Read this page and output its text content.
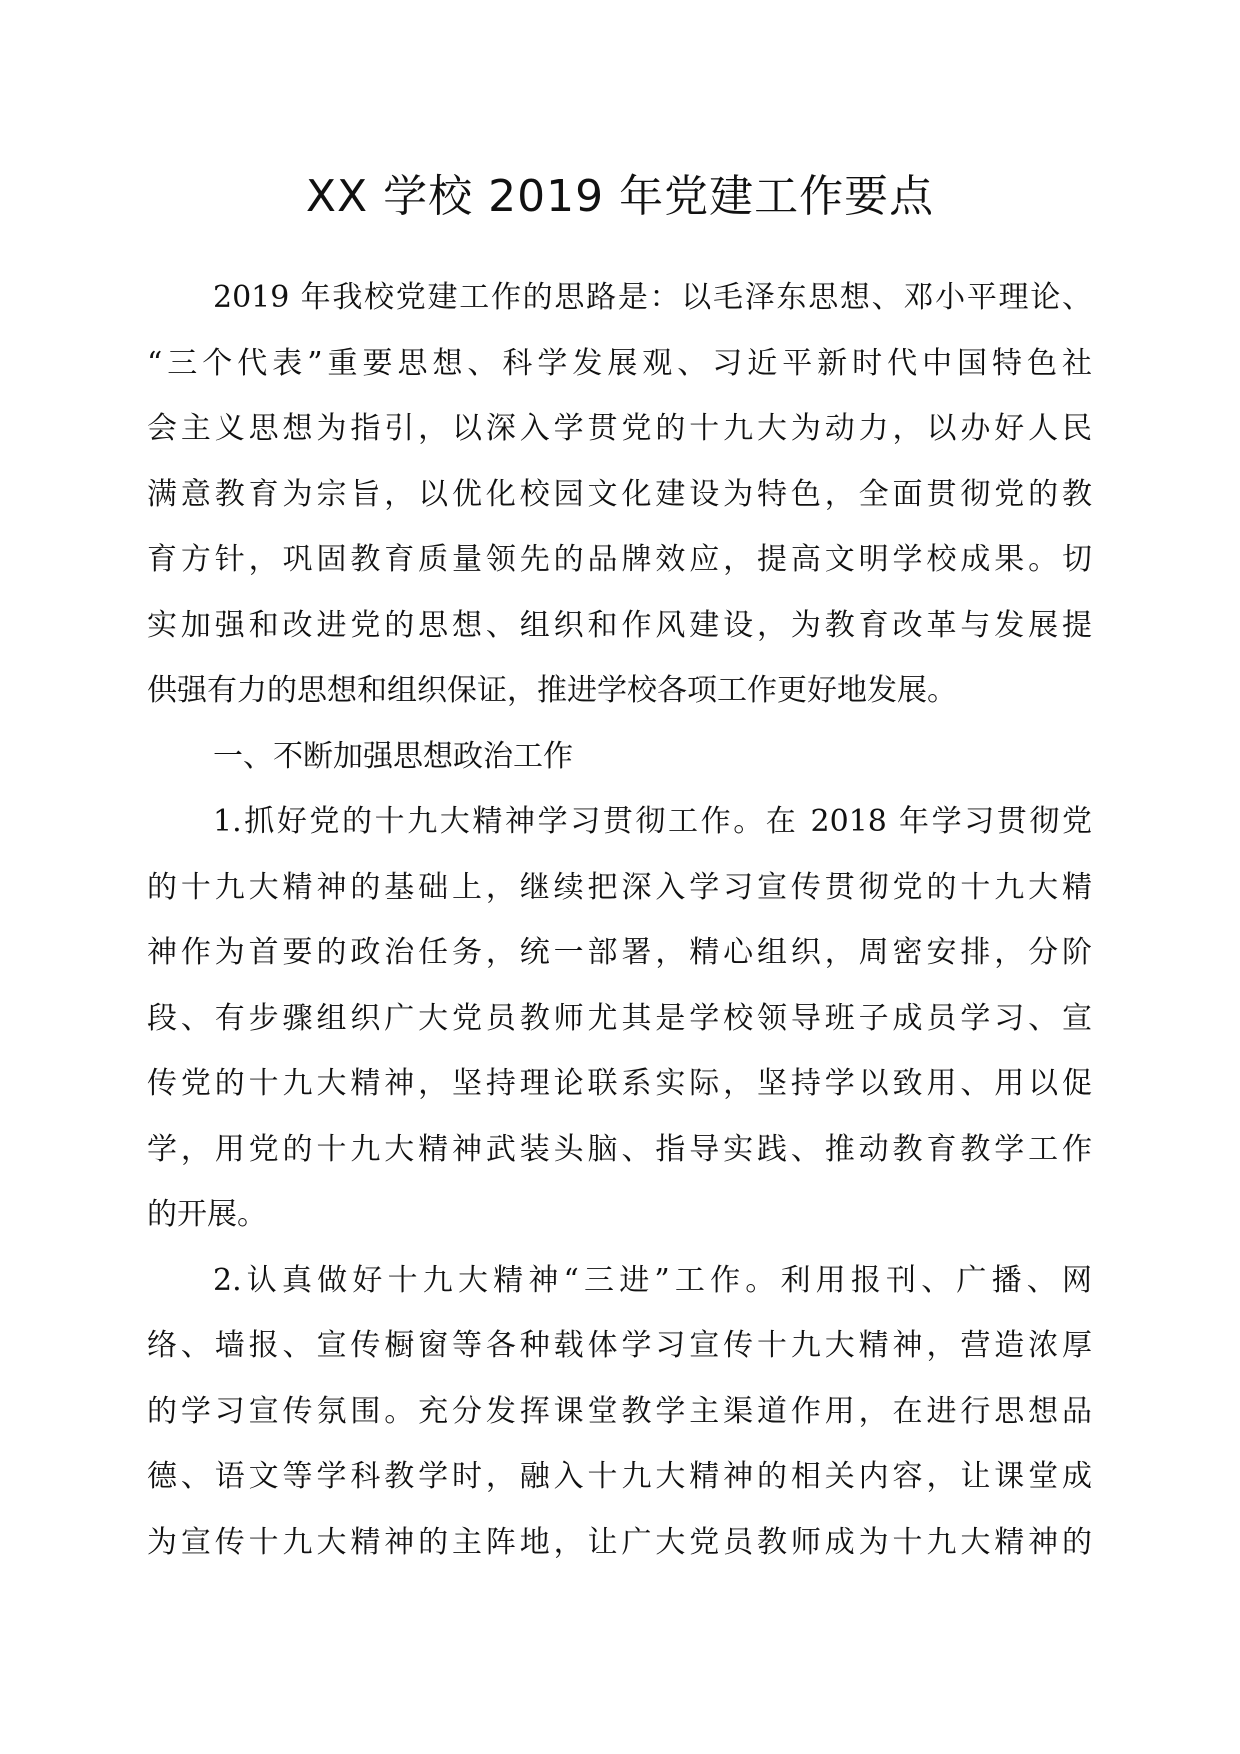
XX 学校 2019 年党建工作要点
2019 年我校党建工作的思路是：以毛泽东思想、邓小平理论、
“三个代表”重要思想、科学发展观、习近平新时代中国特色社
会主义思想为指引，以深入学贯党的十九大为动力，以办好人民
满意教育为宗旨，以优化校园文化建设为特色，全面贯彻党的教
育方针，巩固教育质量领先的品牌效应，提高文明学校成果。切
实加强和改进党的思想、组织和作风建设，为教育改革与发展提
供强有力的思想和组织保证，推进学校各项工作更好地发展。
一、不断加强思想政治工作
1.抓好党的十九大精神学习贯彻工作。在 2018 年学习贯彻党
的十九大精神的基础上，继续把深入学习宣传贯彻党的十九大精
神作为首要的政治任务，统一部署，精心组织，周密安排，分阶
段、有步骤组织广大党员教师尤其是学校领导班子成员学习、宣
传党的十九大精神，坚持理论联系实际，坚持学以致用、用以促
学，用党的十九大精神武装头脑、指导实践、推动教育教学工作
的开展。
2.认真做好十九大精神“三进”工作。利用报刊、广播、网
络、墙报、宣传橱窗等各种载体学习宣传十九大精神，营造浓厚
的学习宣传氛围。充分发挥课堂教学主渠道作用，在进行思想品
德、语文等学科教学时，融入十九大精神的相关内容，让课堂成
为宣传十九大精神的主阵地，让广大党员教师成为十九大精神的
